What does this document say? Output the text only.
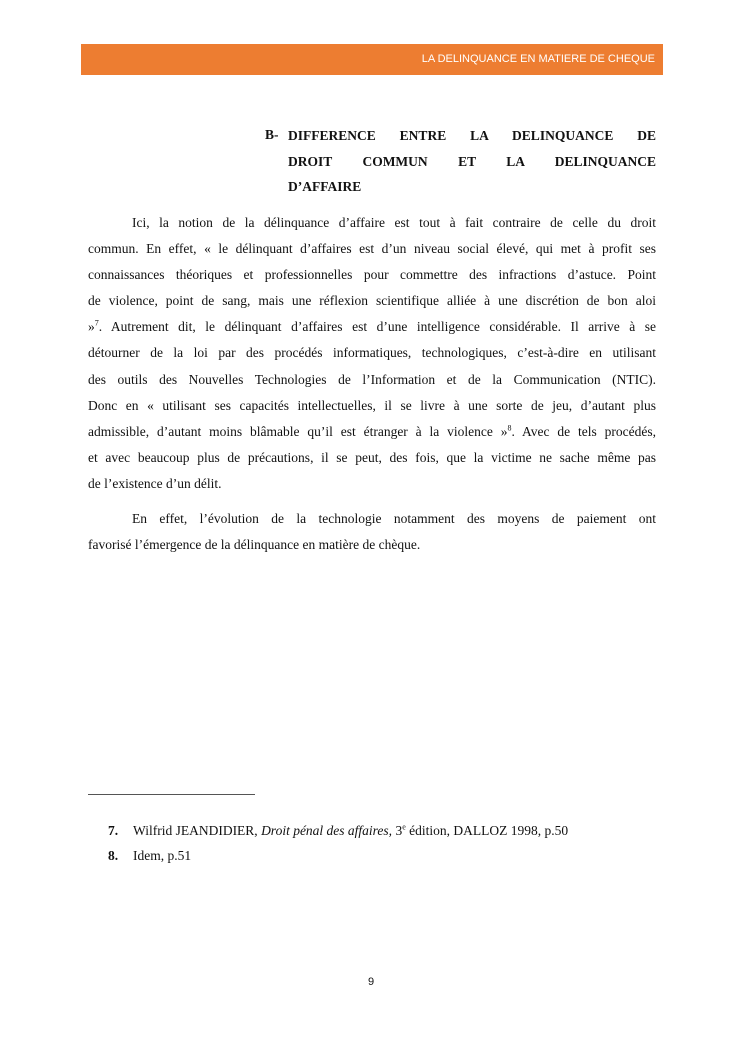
LA DELINQUANCE EN MATIERE DE CHEQUE
B- DIFFERENCE ENTRE LA DELINQUANCE DE
DROIT COMMUN ET LA DELINQUANCE
D’AFFAIRE
Ici, la notion de la délinquance d’affaire est tout à fait contraire de celle du droit
commun. En effet, « le délinquant d’affaires est d’un niveau social élevé, qui met à profit ses
connaissances théoriques et professionnelles pour commettre des infractions d’astuce. Point
de violence, point de sang, mais une réflexion scientifique alliée à une discrétion de bon aloi
»$^7$. Autrement dit, le délinquant d’affaires est d’une intelligence considérable. Il arrive à se
détourner de la loi par des procédés informatiques, technologiques, c’est-à-dire en utilisant
des outils des Nouvelles Technologies de l’Information et de la Communication (NTIC).
Donc en « utilisant ses capacités intellectuelles, il se livre à une sorte de jeu, d’autant plus
admissible, d’autant moins blâmable qu’il est étranger à la violence »$^8$. Avec de tels procédés,
et avec beaucoup plus de précautions, il se peut, des fois, que la victime ne sache même pas
de l’existence d’un délit.
En effet, l’évolution de la technologie notamment des moyens de paiement ont
favorisé l’émergence de la délinquance en matière de chèque.
7. Wilfrid JEANDIDIER, Droit pénal des affaires, 3e édition, DALLOZ 1998, p.50
8. Idem, p.51
9
